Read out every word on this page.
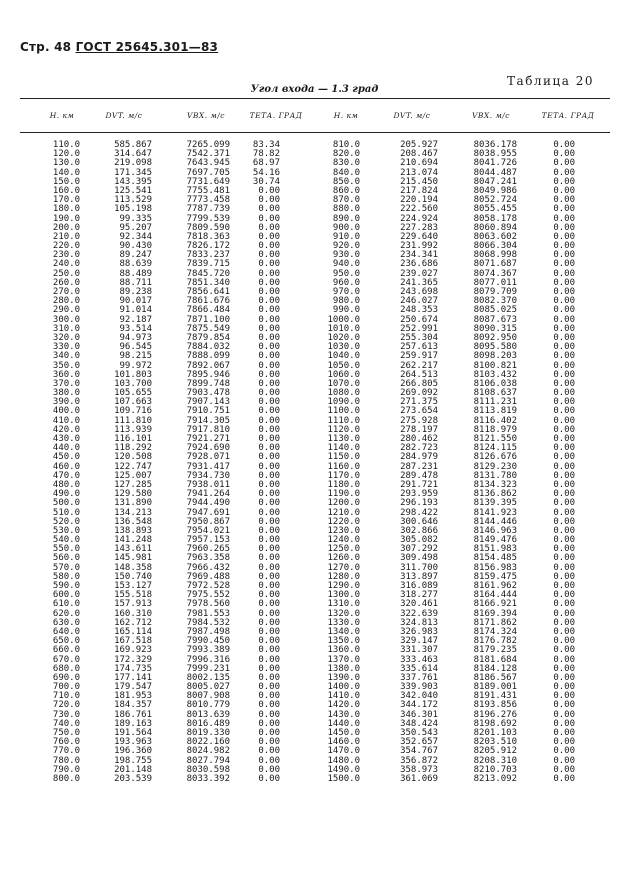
Стр. 48 ГОСТ 25645.301—83
Таблица 20
Угол входа — 1.3 град
Н. км	DVT. м/с	VBX. м/с	ТЕТА. ГРАД	Н. км	DVT. м/с	VBX. м/с	ТЕТА. ГРАД
110.0	585.867	7265.099	83.34	810.0	205.927	8036.178	0.00
120.0	314.647	7542.371	78.82	820.0	208.467	8038.955	0.00
130.0	219.098	7643.945	68.97	830.0	210.694	8041.726	0.00
140.0	171.345	7697.705	54.16	840.0	213.074	8044.487	0.00
150.0	143.395	7731.649	30.74	850.0	215.450	8047.241	0.00
160.0	125.541	7755.481	0.00	860.0	217.824	8049.986	0.00
170.0	113.529	7773.458	0.00	870.0	220.194	8052.724	0.00
180.0	105.198	7787.739	0.00	880.0	222.560	8055.455	0.00
190.0	99.335	7799.539	0.00	890.0	224.924	8058.178	0.00
200.0	95.207	7809.590	0.00	900.0	227.283	8060.894	0.00
210.0	92.344	7818.363	0.00	910.0	229.640	8063.602	0.00
220.0	90.430	7826.172	0.00	920.0	231.992	8066.304	0.00
230.0	89.247	7833.237	0.00	930.0	234.341	8068.998	0.00
240.0	88.639	7839.715	0.00	940.0	236.686	8071.687	0.00
250.0	88.489	7845.720	0.00	950.0	239.027	8074.367	0.00
260.0	88.711	7851.340	0.00	960.0	241.365	8077.011	0.00
270.0	89.238	7856.641	0.00	970.0	243.698	8079.709	0.00
280.0	90.017	7861.676	0.00	980.0	246.027	8082.370	0.00
290.0	91.014	7866.484	0.00	990.0	248.353	8085.025	0.00
300.0	92.187	7871.100	0.00	1000.0	250.674	8087.673	0.00
310.0	93.514	7875.549	0.00	1010.0	252.991	8090.315	0.00
320.0	94.973	7879.854	0.00	1020.0	255.304	8092.950	0.00
330.0	96.545	7884.032	0.00	1030.0	257.613	8095.580	0.00
340.0	98.215	7888.099	0.00	1040.0	259.917	8098.203	0.00
350.0	99.972	7892.067	0.00	1050.0	262.217	8100.821	0.00
360.0	101.803	7895.946	0.00	1060.0	264.513	8103.432	0.00
370.0	103.700	7899.748	0.00	1070.0	266.805	8106.038	0.00
380.0	105.655	7903.478	0.00	1080.0	269.092	8108.637	0.00
390.0	107.663	7907.143	0.00	1090.0	271.375	8111.231	0.00
400.0	109.716	7910.751	0.00	1100.0	273.654	8113.819	0.00
410.0	111.810	7914.305	0.00	1110.0	275.928	8116.402	0.00
420.0	113.939	7917.810	0.00	1120.0	278.197	8118.979	0.00
430.0	116.101	7921.271	0.00	1130.0	280.462	8121.550	0.00
440.0	118.292	7924.690	0.00	1140.0	282.723	8124.115	0.00
450.0	120.508	7928.071	0.00	1150.0	284.979	8126.676	0.00
460.0	122.747	7931.417	0.00	1160.0	287.231	8129.230	0.00
470.0	125.007	7934.730	0.00	1170.0	289.478	8131.780	0.00
480.0	127.285	7938.011	0.00	1180.0	291.721	8134.323	0.00
490.0	129.580	7941.264	0.00	1190.0	293.959	8136.862	0.00
500.0	131.890	7944.490	0.00	1200.0	296.193	8139.395	0.00
510.0	134.213	7947.691	0.00	1210.0	298.422	8141.923	0.00
520.0	136.548	7950.867	0.00	1220.0	300.646	8144.446	0.00
530.0	138.893	7954.021	0.00	1230.0	302.866	8146.963	0.00
540.0	141.248	7957.153	0.00	1240.0	305.082	8149.476	0.00
550.0	143.611	7960.265	0.00	1250.0	307.292	8151.983	0.00
560.0	145.981	7963.358	0.00	1260.0	309.498	8154.485	0.00
570.0	148.358	7966.432	0.00	1270.0	311.700	8156.983	0.00
580.0	150.740	7969.488	0.00	1280.0	313.897	8159.475	0.00
590.0	153.127	7972.528	0.00	1290.0	316.089	8161.962	0.00
600.0	155.518	7975.552	0.00	1300.0	318.277	8164.444	0.00
610.0	157.913	7978.560	0.00	1310.0	320.461	8166.921	0.00
620.0	160.310	7981.553	0.00	1320.0	322.639	8169.394	0.00
630.0	162.712	7984.532	0.00	1330.0	324.813	8171.862	0.00
640.0	165.114	7987.498	0.00	1340.0	326.983	8174.324	0.00
650.0	167.518	7990.450	0.00	1350.0	329.147	8176.782	0.00
660.0	169.923	7993.389	0.00	1360.0	331.307	8179.235	0.00
670.0	172.329	7996.316	0.00	1370.0	333.463	8181.684	0.00
680.0	174.735	7999.231	0.00	1380.0	335.614	8184.128	0.00
690.0	177.141	8002.135	0.00	1390.0	337.761	8186.567	0.00
700.0	179.547	8005.027	0.00	1400.0	339.903	8189.001	0.00
710.0	181.953	8007.908	0.00	1410.0	342.040	8191.431	0.00
720.0	184.357	8010.779	0.00	1420.0	344.172	8193.856	0.00
730.0	186.761	8013.639	0.00	1430.0	346.301	8196.276	0.00
740.0	189.163	8016.489	0.00	1440.0	348.424	8198.692	0.00
750.0	191.564	8019.330	0.00	1450.0	350.543	8201.103	0.00
760.0	193.963	8022.160	0.00	1460.0	352.657	8203.510	0.00
770.0	196.360	8024.982	0.00	1470.0	354.767	8205.912	0.00
780.0	198.755	8027.794	0.00	1480.0	356.872	8208.310	0.00
790.0	201.148	8030.598	0.00	1490.0	358.973	8210.703	0.00
800.0	203.539	8033.392	0.00	1500.0	361.069	8213.092	0.00
